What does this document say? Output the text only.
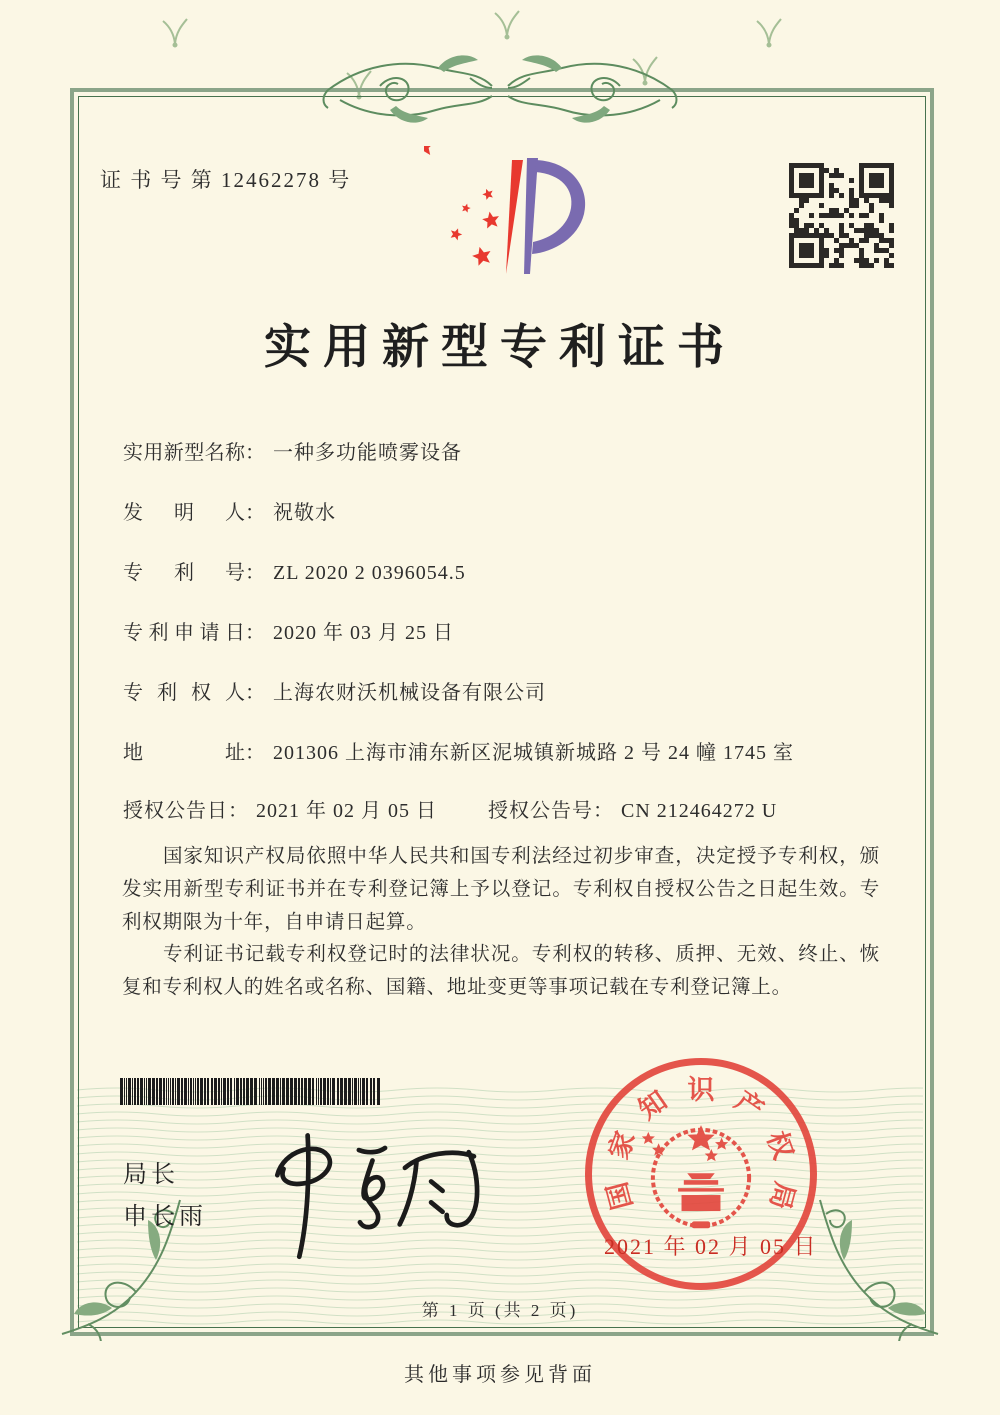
证 书 号 第 12462278 号
实用新型专利证书
实用新型名称： 一种多功能喷雾设备
发明人： 祝敬水
专利号： ZL 2020 2 0396054.5
专利申请日： 2020 年 03 月 25 日
专利权人： 上海农财沃机械设备有限公司
地址： 201306 上海市浦东新区泥城镇新城路 2 号 24 幢 1745 室
授权公告日： 2021 年 02 月 05 日	授权公告号： CN 212464272 U

国家知识产权局依照中华人民共和国专利法经过初步审查，决定授予专利权，颁发实用新型专利证书并在专利登记簿上予以登记。专利权自授权公告之日起生效。专利权期限为十年，自申请日起算。

专利证书记载专利权登记时的法律状况。专利权的转移、质押、无效、终止、恢复和专利权人的姓名或名称、国籍、地址变更等事项记载在专利登记簿上。

局长
申长雨
国
家
知 识 产
权
局
2021 年 02 月 05 日
第 1 页 (共 2 页)
其他事项参见背面
